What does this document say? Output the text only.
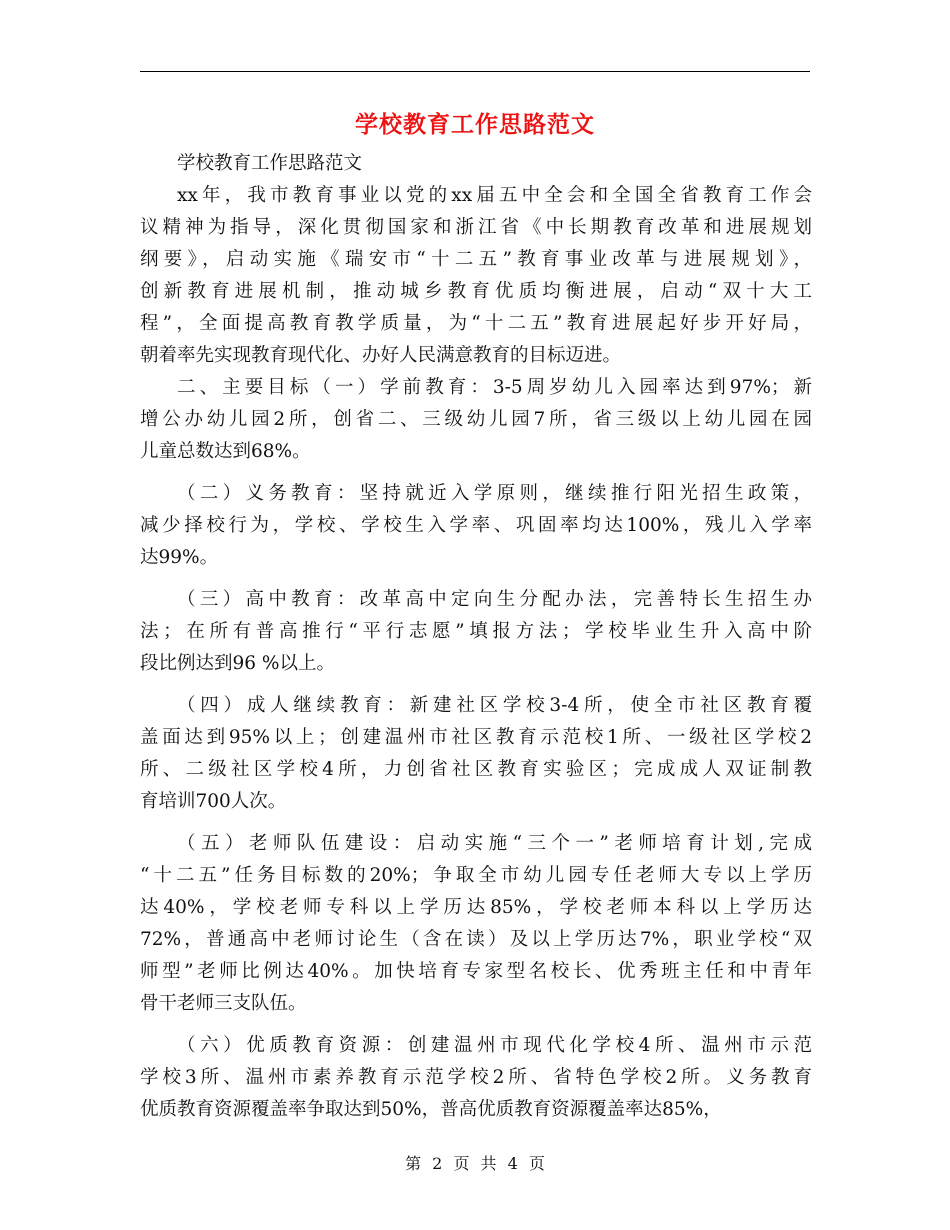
学校教育工作思路范文
学校教育工作思路范文
xx年，我市教育事业以党的xx届五中全会和全国全省教育工作会
议精神为指导，深化贯彻国家和浙江省《中长期教育改革和进展规划
纲要》，启动实施《瑞安市“十二五”教育事业改革与进展规划》，
创新教育进展机制，推动城乡教育优质均衡进展，启动“双十大工
程”，全面提高教育教学质量，为“十二五”教育进展起好步开好局，
朝着率先实现教育现代化、办好人民满意教育的目标迈进。
二、主要目标（一）学前教育：3-5周岁幼儿入园率达到97%；新
增公办幼儿园2所，创省二、三级幼儿园7所，省三级以上幼儿园在园
儿童总数达到68%。
（二）义务教育：坚持就近入学原则，继续推行阳光招生政策，
减少择校行为，学校、学校生入学率、巩固率均达100%，残儿入学率
达99%。
（三）高中教育：改革高中定向生分配办法，完善特长生招生办
法；在所有普高推行“平行志愿”填报方法；学校毕业生升入高中阶
段比例达到96 %以上。
（四）成人继续教育：新建社区学校3-4所，使全市社区教育覆
盖面达到95%以上；创建温州市社区教育示范校1所、一级社区学校2
所、二级社区学校4所，力创省社区教育实验区；完成成人双证制教
育培训700人次。
（五）老师队伍建设：启动实施“三个一”老师培育计划,完成
“十二五”任务目标数的20%；争取全市幼儿园专任老师大专以上学历
达40%，学校老师专科以上学历达85%，学校老师本科以上学历达
72%，普通高中老师讨论生（含在读）及以上学历达7%，职业学校“双
师型”老师比例达40%。加快培育专家型名校长、优秀班主任和中青年
骨干老师三支队伍。
（六）优质教育资源：创建温州市现代化学校4所、温州市示范
学校3所、温州市素养教育示范学校2所、省特色学校2所。义务教育
优质教育资源覆盖率争取达到50%，普高优质教育资源覆盖率达85%，
第 2 页 共 4 页
